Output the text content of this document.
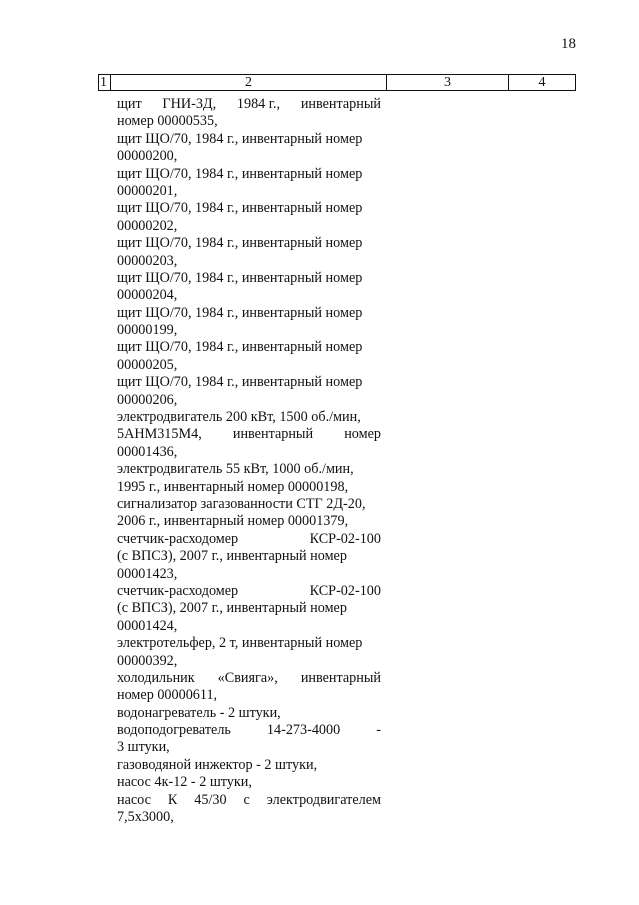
18
1	2	3	4
щит ГНИ-3Д, 1984 г., инвентарный
номер 00000535,
щит ЩО/70, 1984 г., инвентарный номер
00000200,
щит ЩО/70, 1984 г., инвентарный номер
00000201,
щит ЩО/70, 1984 г., инвентарный номер
00000202,
щит ЩО/70, 1984 г., инвентарный номер
00000203,
щит ЩО/70, 1984 г., инвентарный номер
00000204,
щит ЩО/70, 1984 г., инвентарный номер
00000199,
щит ЩО/70, 1984 г., инвентарный номер
00000205,
щит ЩО/70, 1984 г., инвентарный номер
00000206,
электродвигатель 200 кВт, 1500 об./мин,
5АНМ315М4, инвентарный номер
00001436,
электродвигатель 55 кВт, 1000 об./мин,
1995 г., инвентарный номер 00000198,
сигнализатор загазованности СТГ 2Д-20,
2006 г., инвентарный номер 00001379,
счетчик-расходомер	КСР-02-100
(с ВПСЗ), 2007 г., инвентарный номер
00001423,
счетчик-расходомер	КСР-02-100
(с ВПСЗ), 2007 г., инвентарный номер
00001424,
электротельфер, 2 т, инвентарный номер
00000392,
холодильник «Свияга», инвентарный
номер 00000611,
водонагреватель - 2 штуки,
водоподогреватель	14-273-4000	-
3 штуки,
газоводяной инжектор - 2 штуки,
насос 4к-12 - 2 штуки,
насос К 45/30 с электродвигателем
7,5х3000,
